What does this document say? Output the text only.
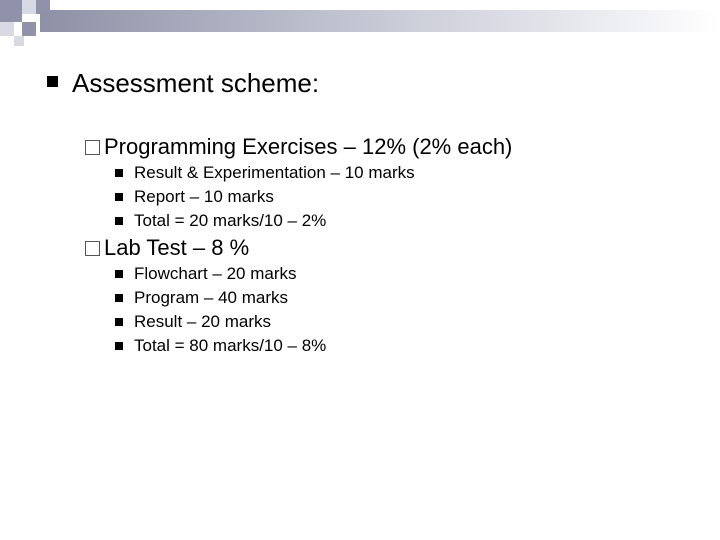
Assessment scheme:
Programming Exercises – 12% (2% each)
Result & Experimentation – 10 marks
Report – 10 marks
Total = 20 marks/10 – 2%
Lab Test – 8 %
Flowchart – 20 marks
Program – 40 marks
Result – 20 marks
Total = 80 marks/10 – 8%
